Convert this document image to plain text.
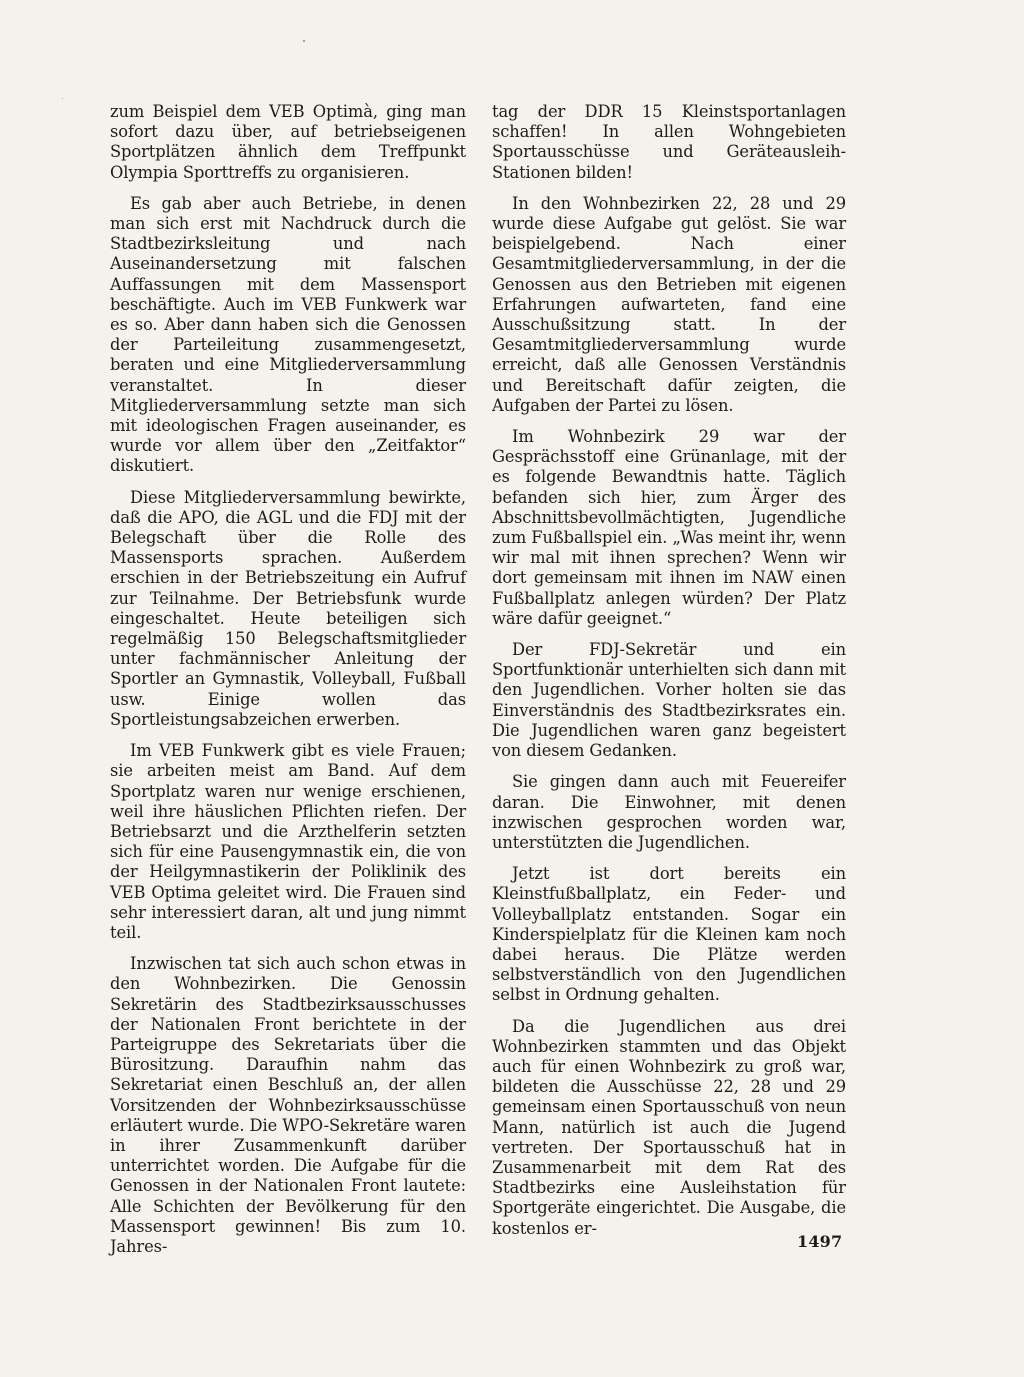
zum Beispiel dem VEB Optimà, ging man sofort dazu über, auf betriebseigenen Sportplätzen ähnlich dem Treffpunkt Olympia Sporttreffs zu organisieren.

Es gab aber auch Betriebe, in denen man sich erst mit Nachdruck durch die Stadtbezirksleitung und nach Auseinandersetzung mit falschen Auffassungen mit dem Massensport beschäftigte. Auch im VEB Funkwerk war es so. Aber dann haben sich die Genossen der Parteileitung zusammengesetzt, beraten und eine Mitgliederversammlung veranstaltet. In dieser Mitgliederversammlung setzte man sich mit ideologischen Fragen auseinander, es wurde vor allem über den „Zeitfaktor“ diskutiert.

Diese Mitgliederversammlung bewirkte, daß die APO, die AGL und die FDJ mit der Belegschaft über die Rolle des Massensports sprachen. Außerdem erschien in der Betriebszeitung ein Aufruf zur Teilnahme. Der Betriebsfunk wurde eingeschaltet. Heute beteiligen sich regelmäßig 150 Belegschaftsmitglieder unter fachmännischer Anleitung der Sportler an Gymnastik, Volleyball, Fußball usw. Einige wollen das Sportleistungsabzeichen erwerben.

Im VEB Funkwerk gibt es viele Frauen; sie arbeiten meist am Band. Auf dem Sportplatz waren nur wenige erschienen, weil ihre häuslichen Pflichten riefen. Der Betriebsarzt und die Arzthelferin setzten sich für eine Pausengymnastik ein, die von der Heilgymnastikerin der Poliklinik des VEB Optima geleitet wird. Die Frauen sind sehr interessiert daran, alt und jung nimmt teil.

Inzwischen tat sich auch schon etwas in den Wohnbezirken. Die Genossin Sekretärin des Stadtbezirksausschusses der Nationalen Front berichtete in der Parteigruppe des Sekretariats über die Bürositzung. Daraufhin nahm das Sekretariat einen Beschluß an, der allen Vorsitzenden der Wohnbezirksausschüsse erläutert wurde. Die WPO-Sekretäre waren in ihrer Zusammenkunft darüber unterrichtet worden. Die Aufgabe für die Genossen in der Nationalen Front lautete: Alle Schichten der Bevölkerung für den Massensport gewinnen! Bis zum 10. Jahres-

tag der DDR 15 Kleinstsportanlagen schaffen! In allen Wohngebieten Sportausschüsse und Geräteausleih-Stationen bilden!

In den Wohnbezirken 22, 28 und 29 wurde diese Aufgabe gut gelöst. Sie war beispielgebend. Nach einer Gesamtmitgliederversammlung, in der die Genossen aus den Betrieben mit eigenen Erfahrungen aufwarteten, fand eine Ausschußsitzung statt. In der Gesamtmitgliederversammlung wurde erreicht, daß alle Genossen Verständnis und Bereitschaft dafür zeigten, die Aufgaben der Partei zu lösen.

Im Wohnbezirk 29 war der Gesprächsstoff eine Grünanlage, mit der es folgende Bewandtnis hatte. Täglich befanden sich hier, zum Ärger des Abschnittsbevollmächtigten, Jugendliche zum Fußballspiel ein. „Was meint ihr, wenn wir mal mit ihnen sprechen? Wenn wir dort gemeinsam mit ihnen im NAW einen Fußballplatz anlegen würden? Der Platz wäre dafür geeignet.“

Der FDJ-Sekretär und ein Sportfunktionär unterhielten sich dann mit den Jugendlichen. Vorher holten sie das Einverständnis des Stadtbezirksrates ein. Die Jugendlichen waren ganz begeistert von diesem Gedanken.

Sie gingen dann auch mit Feuereifer daran. Die Einwohner, mit denen inzwischen gesprochen worden war, unterstützten die Jugendlichen.

Jetzt ist dort bereits ein Kleinstfußballplatz, ein Feder- und Volleyballplatz entstanden. Sogar ein Kinderspielplatz für die Kleinen kam noch dabei heraus. Die Plätze werden selbstverständlich von den Jugendlichen selbst in Ordnung gehalten.

Da die Jugendlichen aus drei Wohnbezirken stammten und das Objekt auch für einen Wohnbezirk zu groß war, bildeten die Ausschüsse 22, 28 und 29 gemeinsam einen Sportausschuß von neun Mann, natürlich ist auch die Jugend vertreten. Der Sportausschuß hat in Zusammenarbeit mit dem Rat des Stadtbezirks eine Ausleihstation für Sportgeräte eingerichtet. Die Ausgabe, die kostenlos er-

1497
